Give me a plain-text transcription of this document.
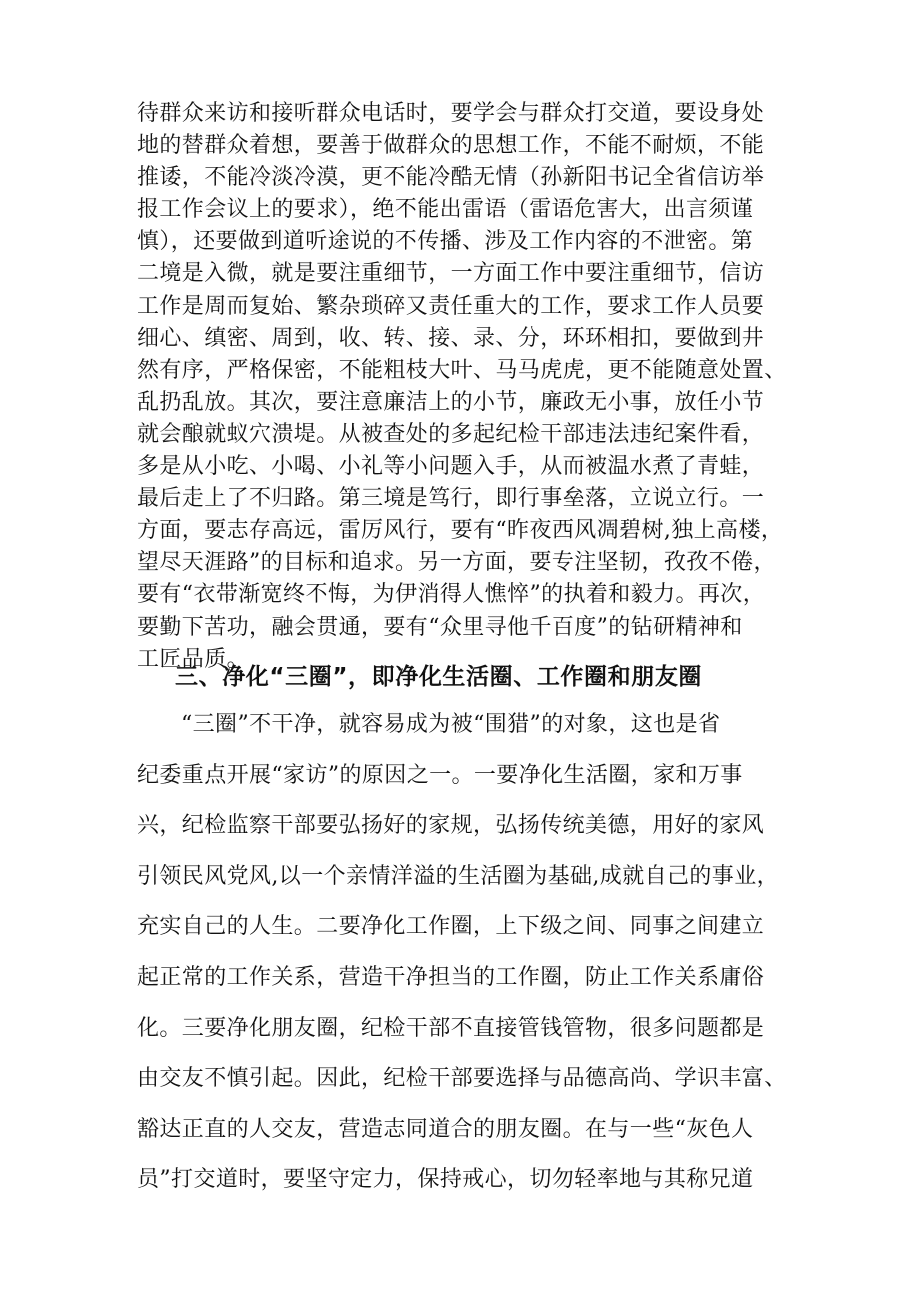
待群众来访和接听群众电话时，要学会与群众打交道，要设身处
地的替群众着想，要善于做群众的思想工作，不能不耐烦，不能
推诿，不能冷淡冷漠，更不能冷酷无情（孙新阳书记全省信访举
报工作会议上的要求），绝不能出雷语（雷语危害大，出言须谨
慎），还要做到道听途说的不传播、涉及工作内容的不泄密。第
二境是入微，就是要注重细节，一方面工作中要注重细节，信访
工作是周而复始、繁杂琐碎又责任重大的工作，要求工作人员要
细心、缜密、周到，收、转、接、录、分，环环相扣，要做到井
然有序，严格保密，不能粗枝大叶、马马虎虎，更不能随意处置、
乱扔乱放。其次，要注意廉洁上的小节，廉政无小事，放任小节
就会酿就蚁穴溃堤。从被查处的多起纪检干部违法违纪案件看，
多是从小吃、小喝、小礼等小问题入手，从而被温水煮了青蛙，
最后走上了不归路。第三境是笃行，即行事垒落，立说立行。一
方面，要志存高远，雷厉风行，要有“昨夜西风凋碧树,独上高楼，
望尽天涯路”的目标和追求。另一方面，要专注坚韧，孜孜不倦，
要有“衣带渐宽终不悔，为伊消得人憔悴”的执着和毅力。再次，
要勤下苦功，融会贯通，要有“众里寻他千百度”的钻研精神和
工匠品质。
三、净化“三圈”，即净化生活圈、工作圈和朋友圈
“三圈”不干净，就容易成为被“围猎”的对象，这也是省
纪委重点开展“家访”的原因之一。一要净化生活圈，家和万事
兴，纪检监察干部要弘扬好的家规，弘扬传统美德，用好的家风
引领民风党风,以一个亲情洋溢的生活圈为基础,成就自己的事业，
充实自己的人生。二要净化工作圈，上下级之间、同事之间建立
起正常的工作关系，营造干净担当的工作圈，防止工作关系庸俗
化。三要净化朋友圈，纪检干部不直接管钱管物，很多问题都是
由交友不慎引起。因此，纪检干部要选择与品德高尚、学识丰富、
豁达正直的人交友，营造志同道合的朋友圈。在与一些“灰色人
员”打交道时，要坚守定力，保持戒心，切勿轻率地与其称兄道
